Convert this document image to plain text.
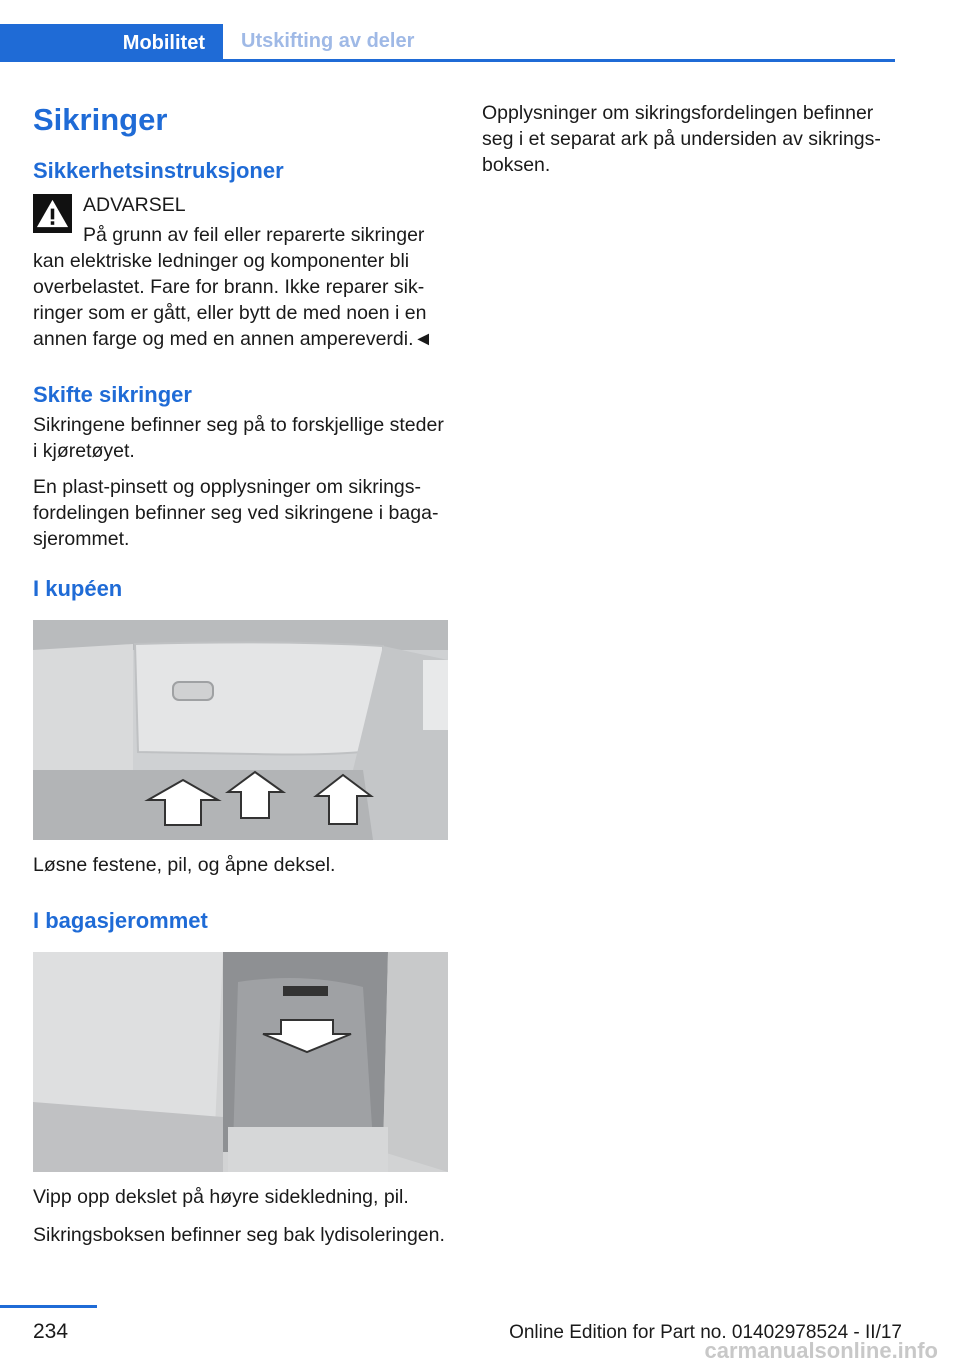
Mobilitet	Utskifting av deler
Sikringer
Sikkerhetsinstruksjoner
ADVARSEL
På grunn av feil eller reparerte sikringer

kan elektriske ledninger og komponenter bli overbelastet. Fare for brann. Ikke reparer sikringer som er gått, eller bytt de med noen i en annen farge og med en annen ampereverdi.◄

Skifte sikringer

Sikringene befinner seg på to forskjellige steder i kjøretøyet.

En plast-pinsett og opplysninger om sikringsfordelingen befinner seg ved sikringene i bagasjerommet.

I kupéen

Løsne festene, pil, og åpne deksel.

I bagasjerommet

Vipp opp dekslet på høyre sidekledning, pil.

Sikringsboksen befinner seg bak lydisoleringen.

Opplysninger om sikringsfordelingen befinner seg i et separat ark på undersiden av sikringsboksen.

234	Online Edition for Part no. 01402978524 - II/17
carmanualsonline.info
